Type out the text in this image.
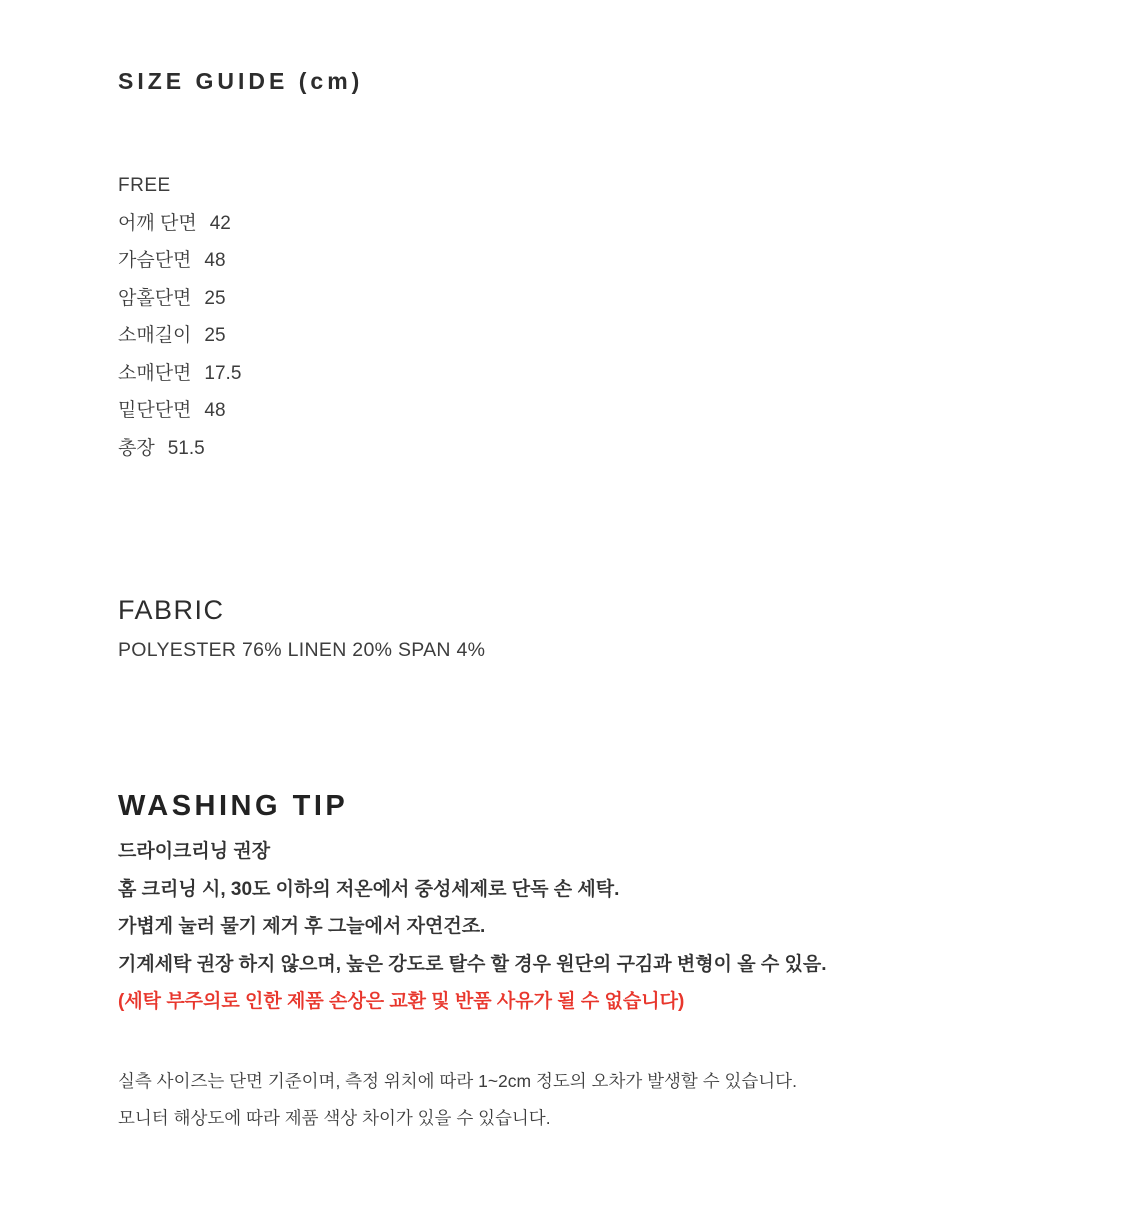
SIZE GUIDE (cm)
FREE
어깨 단면 42
가슴단면 48
암홀단면 25
소매길이 25
소매단면 17.5
밑단단면 48
총장 51.5
FABRIC
POLYESTER 76% LINEN 20% SPAN 4%
WASHING TIP
드라이크리닝 권장
홈 크리닝 시, 30도 이하의 저온에서 중성세제로 단독 손 세탁.
가볍게 눌러 물기 제거 후 그늘에서 자연건조.
기계세탁 권장 하지 않으며, 높은 강도로 탈수 할 경우 원단의 구김과 변형이 올 수 있음.
(세탁 부주의로 인한 제품 손상은 교환 및 반품 사유가 될 수 없습니다)
실측 사이즈는 단면 기준이며, 측정 위치에 따라 1~2cm 정도의 오차가 발생할 수 있습니다.
모니터 해상도에 따라 제품 색상 차이가 있을 수 있습니다.
